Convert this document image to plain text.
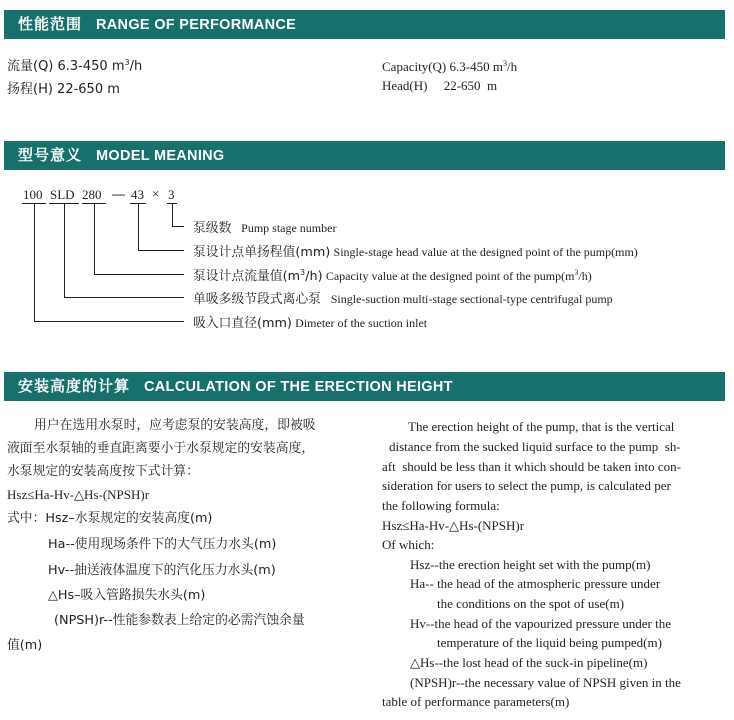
性能范围 RANGE OF PERFORMANCE
流量(Q) 6.3-450 $m^3/h$
扬程(H) 22-650 m
Capacity(Q) 6.3-450 $m^3/h$
Head(H)     22-650  m
型号意义 MODEL MEANING
100 SLD 280 — 43 × 3
泵级数 Pump stage number
泵设计点单扬程值(mm) Single-stage head value at the designed point of the pump(mm)
泵设计点流量值$(m^3/h)$ Capacity value at the designed point of the $pump(m^3/h)$
单吸多级节段式离心泵 Single-suction multi-stage sectional-type centrifugal pump
吸入口直径(mm) Dimeter of the suction inlet
安装高度的计算 CALCULATION OF THE ERECTION HEIGHT
用户在选用水泵时，应考虑泵的安装高度，即被吸
液面至水泵轴的垂直距离要小于水泵规定的安装高度，
水泵规定的安装高度按下式计算：
Hsz≤Ha-Hv-△Hs-(NPSH)r
式中：Hsz–水泵规定的安装高度(m)
Ha--使用现场条件下的大气压力水头(m)
Hv--抽送液体温度下的汽化压力水头(m)
△Hs–吸入管路损失水头(m)
(NPSH)r--性能参数表上给定的必需汽蚀余量
值(m)
The erection height of the pump, that is the vertical
distance from the sucked liquid surface to the pump  sh-
aft  should be less than it which should be taken into con-
sideration for users to select the pump, is calculated per
the following formula:
Hsz≤Ha-Hv-△Hs-(NPSH)r
Of which:
Hsz--the erection height set with the pump(m)
Ha-- the head of the atmospheric pressure under
the conditions on the spot of use(m)
Hv--the head of the vapourized pressure under the
temperature of the liquid being pumped(m)
△Hs--the lost head of the suck-in pipeline(m)
(NPSH)r--the necessary value of NPSH given in the
table of performance parameters(m)
